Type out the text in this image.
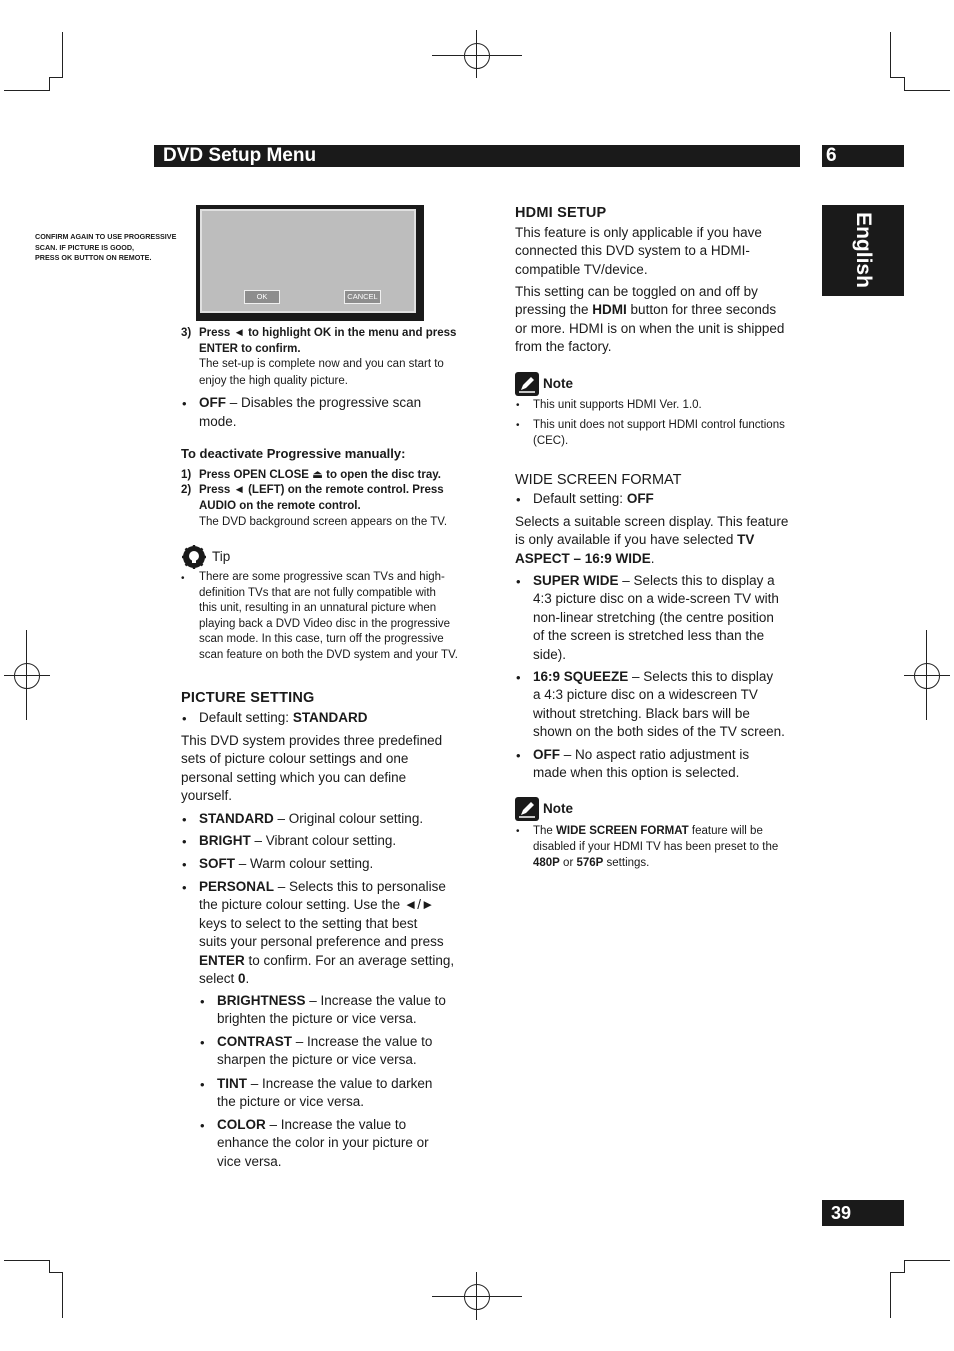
DVD Setup Menu	6
English
CONFIRM AGAIN TO USE PROGRESSIVE
SCAN. IF PICTURE IS GOOD,
PRESS OK BUTTON ON REMOTE.
OK	CANCEL
3) Press ◄ to highlight OK in the menu and press
ENTER to confirm.
The set-up is complete now and you can start to
enjoy the high quality picture.
• OFF – Disables the progressive scan
mode.
To deactivate Progressive manually:
1) Press OPEN CLOSE ⏏ to open the disc tray.
2) Press ◄ (LEFT) on the remote control. Press
AUDIO on the remote control.
The DVD background screen appears on the TV.
Tip
• There are some progressive scan TVs and high-
definition TVs that are not fully compatible with
this unit, resulting in an unnatural picture when
playing back a DVD Video disc in the progressive
scan mode. In this case, turn off the progressive
scan feature on both the DVD system and your TV.
PICTURE SETTING
• Default setting: STANDARD
This DVD system provides three predefined
sets of picture colour settings and one
personal setting which you can define
yourself.
• STANDARD – Original colour setting.
• BRIGHT – Vibrant colour setting.
• SOFT – Warm colour setting.
• PERSONAL – Selects this to personalise
the picture colour setting. Use the ◄/►
keys to select to the setting that best
suits your personal preference and press
ENTER to confirm. For an average setting,
select 0.
• BRIGHTNESS – Increase the value to
brighten the picture or vice versa.
• CONTRAST – Increase the value to
sharpen the picture or vice versa.
• TINT – Increase the value to darken
the picture or vice versa.
• COLOR – Increase the value to
enhance the color in your picture or
vice versa.
HDMI SETUP
This feature is only applicable if you have
connected this DVD system to a HDMI-
compatible TV/device.
This setting can be toggled on and off by
pressing the HDMI button for three seconds
or more. HDMI is on when the unit is shipped
from the factory.
Note
• This unit supports HDMI Ver. 1.0.
• This unit does not support HDMI control functions
(CEC).
WIDE SCREEN FORMAT
• Default setting: OFF
Selects a suitable screen display. This feature
is only available if you have selected TV
ASPECT – 16:9 WIDE.
• SUPER WIDE – Selects this to display a
4:3 picture disc on a wide-screen TV with
non-linear stretching (the centre position
of the screen is stretched less than the
side).
• 16:9 SQUEEZE – Selects this to display
a 4:3 picture disc on a widescreen TV
without stretching. Black bars will be
shown on the both sides of the TV screen.
• OFF – No aspect ratio adjustment is
made when this option is selected.
Note
• The WIDE SCREEN FORMAT feature will be
disabled if your HDMI TV has been preset to the
480P or 576P settings.
39
